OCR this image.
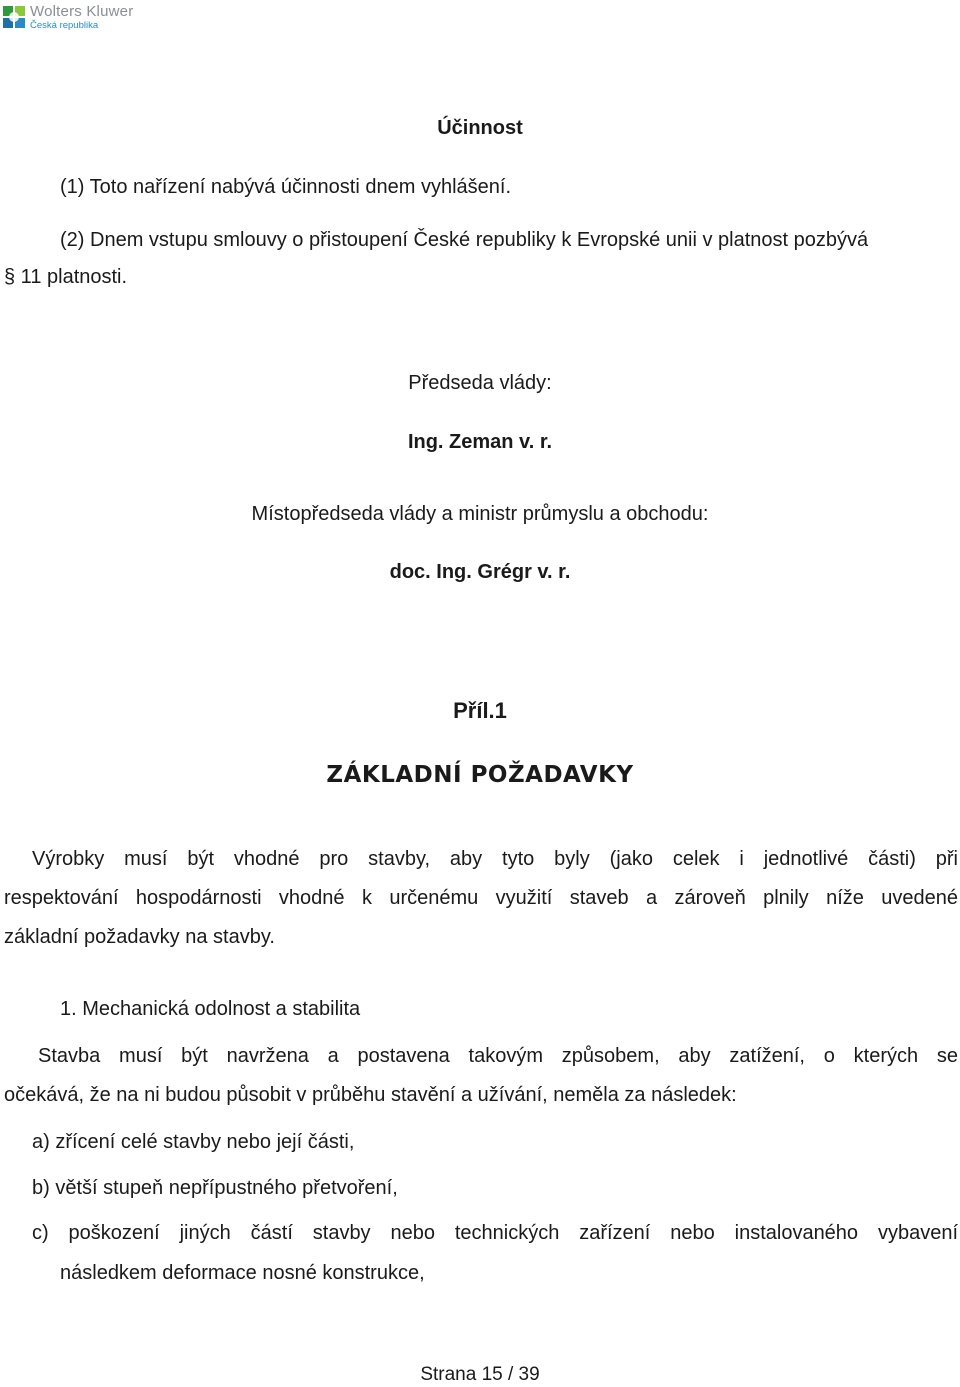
Wolters Kluwer
Česká republika
Účinnost
(1) Toto nařízení nabývá účinnosti dnem vyhlášení.
(2) Dnem vstupu smlouvy o přistoupení České republiky k Evropské unii v platnost pozbývá
§ 11 platnosti.
Předseda vlády:
Ing. Zeman v. r.
Místopředseda vlády a ministr průmyslu a obchodu:
doc. Ing. Grégr v. r.
Příl.1
ZÁKLADNÍ POŽADAVKY
Výrobky musí být vhodné pro stavby, aby tyto byly (jako celek i jednotlivé části) při
respektování hospodárnosti vhodné k určenému využití staveb a zároveň plnily níže uvedené
základní požadavky na stavby.
1. Mechanická odolnost a stabilita
Stavba musí být navržena a postavena takovým způsobem, aby zatížení, o kterých se
očekává, že na ni budou působit v průběhu stavění a užívání, neměla za následek:
a) zřícení celé stavby nebo její části,
b) větší stupeň nepřípustného přetvoření,
c) poškození jiných částí stavby nebo technických zařízení nebo instalovaného vybavení
následkem deformace nosné konstrukce,
Strana 15 / 39
